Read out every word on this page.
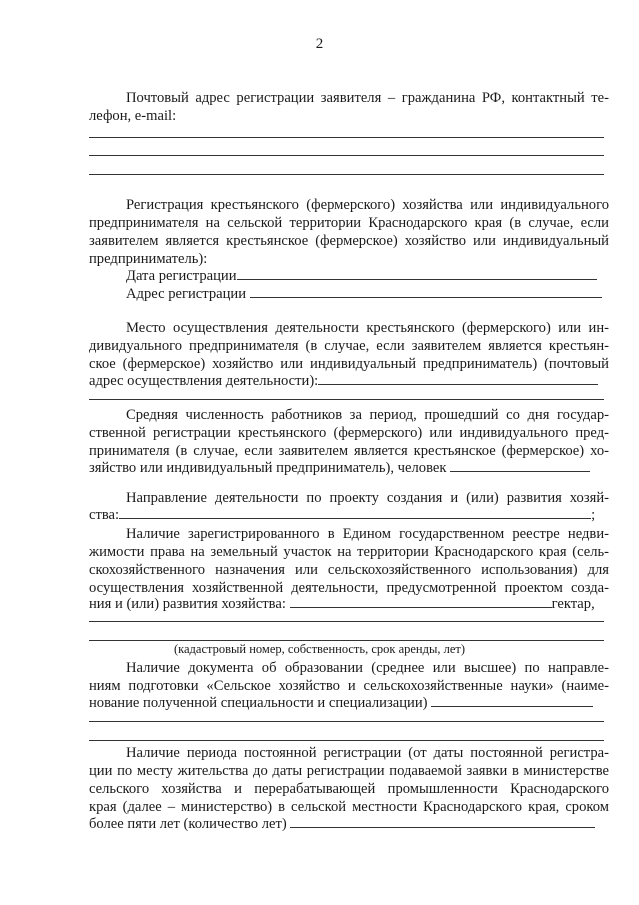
2
Почтовый адрес регистрации заявителя – гражданина РФ, контактный те-
лефон, e-mail:
Регистрация крестьянского (фермерского) хозяйства или индивидуального
предпринимателя на сельской территории Краснодарского края (в случае, если
заявителем является крестьянское (фермерское) хозяйство или индивидуальный
предприниматель):
Дата регистрации
Адрес регистрации
Место осуществления деятельности крестьянского (фермерского) или ин-
дивидуального предпринимателя (в случае, если заявителем является крестьян-
ское (фермерское) хозяйство или индивидуальный предприниматель) (почтовый
адрес осуществления деятельности):
Средняя численность работников за период, прошедший со дня государ-
ственной регистрации крестьянского (фермерского) или индивидуального пред-
принимателя (в случае, если заявителем является крестьянское (фермерское) хо-
зяйство или индивидуальный предприниматель), человек
Направление деятельности по проекту создания и (или) развития хозяй-
ства:	;
Наличие зарегистрированного в Едином государственном реестре недви-
жимости права на земельный участок на территории Краснодарского края (сель-
скохозяйственного назначения или сельскохозяйственного использования) для
осуществления хозяйственной деятельности, предусмотренной проектом созда-
ния и (или) развития хозяйства:	гектар,
(кадастровый номер, собственность, срок аренды, лет)
Наличие документа об образовании (среднее или высшее) по направле-
ниям подготовки «Сельское хозяйство и сельскохозяйственные науки» (наиме-
нование полученной специальности и специализации)
Наличие периода постоянной регистрации (от даты постоянной регистра-
ции по месту жительства до даты регистрации подаваемой заявки в министерстве
сельского хозяйства и перерабатывающей промышленности Краснодарского
края (далее – министерство) в сельской местности Краснодарского края, сроком
более пяти лет (количество лет)
